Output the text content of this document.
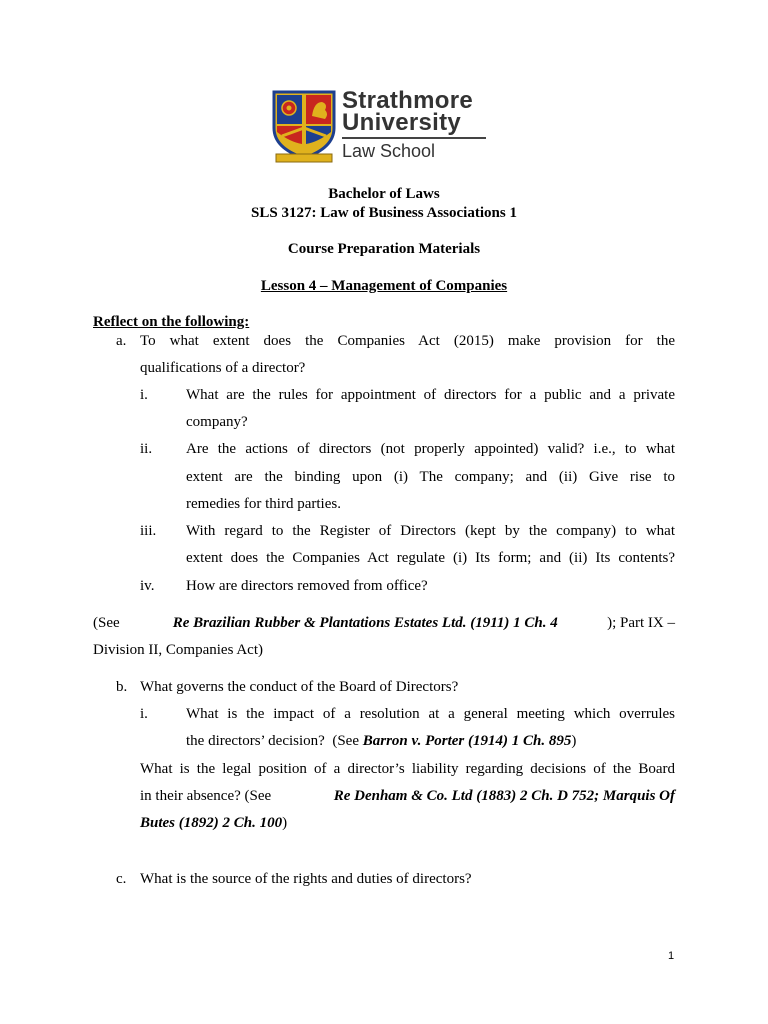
Strathmore
University
Law School
Bachelor of Laws
SLS 3127: Law of Business Associations 1
Course Preparation Materials
Lesson 4 – Management of Companies
Reflect on the following:
a. To what extent does the Companies Act (2015) make provision for the
qualifications of a director?
i.	What are the rules for appointment of directors for a public and a private
company?
ii. Are the actions of directors (not properly appointed) valid? i.e., to what
extent are the binding upon (i) The company; and (ii) Give rise to
remedies for third parties.
iii. With regard to the Register of Directors (kept by the company) to what
extent does the Companies Act regulate (i) Its form; and (ii) Its contents?
iv. How are directors removed from office?
(See	Re Brazilian Rubber & Plantations Estates Ltd. (1911) 1 Ch. 4	); Part IX –
Division II, Companies Act)
b. What governs the conduct of the Board of Directors?
i.	What is the impact of a resolution at a general meeting which overrules
the directors’ decision?  (See Barron v. Porter (1914) 1 Ch. 895)
What is the legal position of a director’s liability regarding decisions of the Board
in their absence? (See	Re Denham & Co. Ltd (1883) 2 Ch. D 752; Marquis Of
Butes (1892) 2 Ch. 100)
c. What is the source of the rights and duties of directors?
1
